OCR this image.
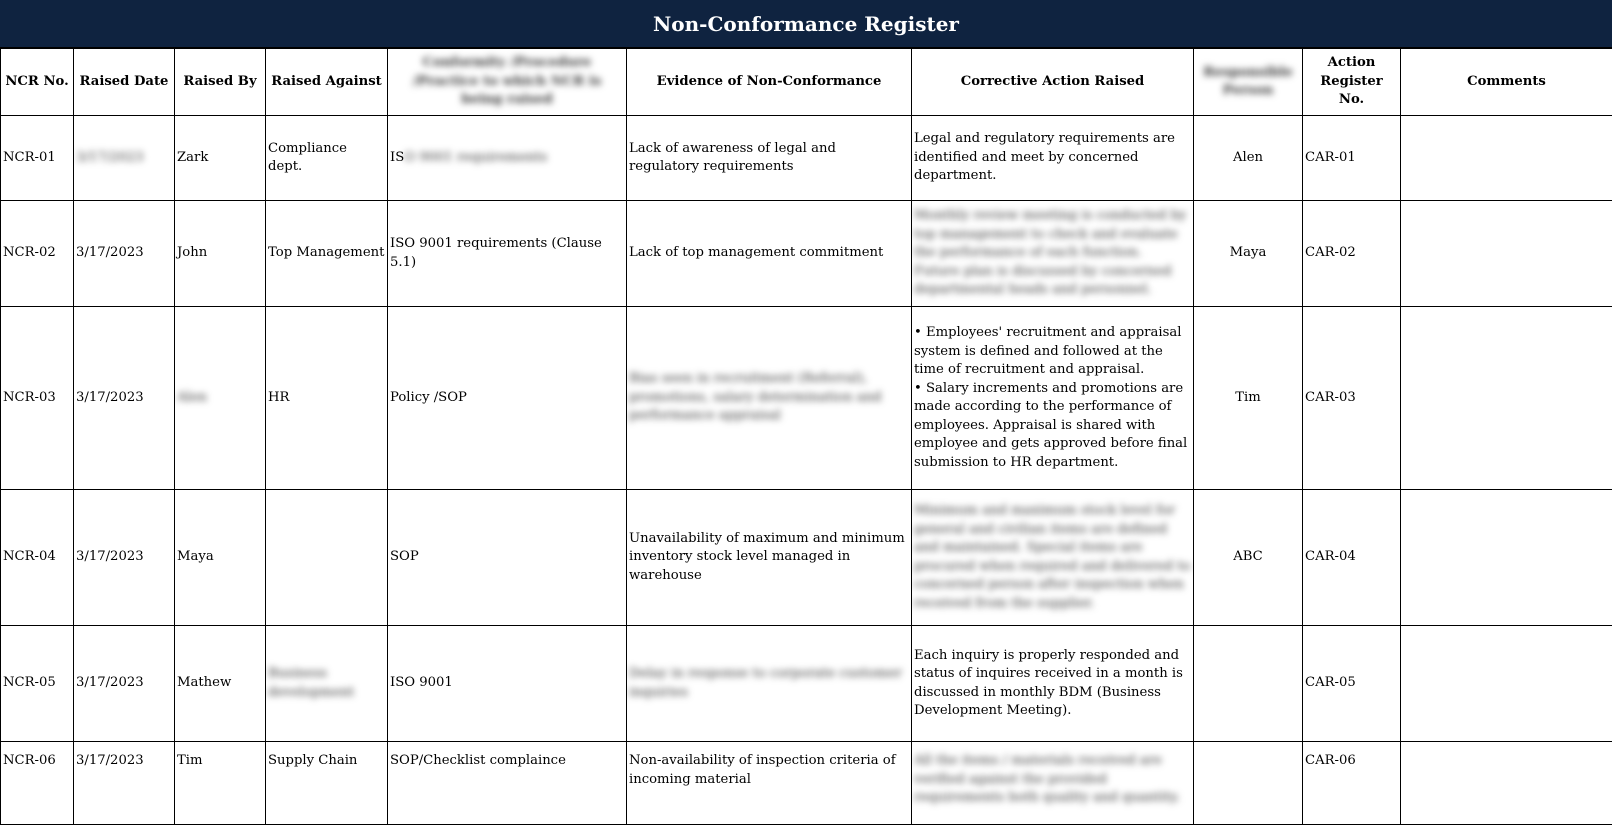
Non-Conformance Register
NCR No.	Raised Date	Raised By	Raised Against	Conformity /Procedure /Practice to which NCR is being raised	Evidence of Non-Conformance	Corrective Action Raised	Responsible Person	Action Register No.	Comments
NCR-01	3/17/2023	Zark	Compliance dept.	ISO 9001 requirements	Lack of awareness of legal and regulatory requirements	Legal and regulatory requirements are identified and meet by concerned department.	Alen	CAR-01	
NCR-02	3/17/2023	John	Top Management	ISO 9001 requirements (Clause 5.1)	Lack of top management commitment	Monthly review meeting is conducted by top management to check and evaluate the performance of each function. Future plan is discussed by concerned departmental heads and personnel.	Maya	CAR-02	
NCR-03	3/17/2023	Alen	HR	Policy /SOP	Bias seen in recruitment (Referral), promotions, salary determination and performance appraisal	• Employees' recruitment and appraisal system is defined and followed at the time of recruitment and appraisal.
• Salary increments and promotions are made according to the performance of employees. Appraisal is shared with employee and gets approved before final submission to HR department.	Tim	CAR-03	
NCR-04	3/17/2023	Maya		SOP	Unavailability of maximum and minimum inventory stock level managed in warehouse	Minimum and maximum stock level for general and civilian items are defined and maintained. Special items are procured when required and delivered to concerned person after inspection when received from the supplier.	ABC	CAR-04	
NCR-05	3/17/2023	Mathew	Business development	ISO 9001	Delay in response to corporate customer inquiries	Each inquiry is properly responded and status of inquires received in a month is discussed in monthly BDM (Business Development Meeting).		CAR-05	
NCR-06	3/17/2023	Tim	Supply Chain	SOP/Checklist complaince	Non-availability of inspection criteria of incoming material	All the items / materials received are verified against the provided requirements both quality and quantity.		CAR-06	
